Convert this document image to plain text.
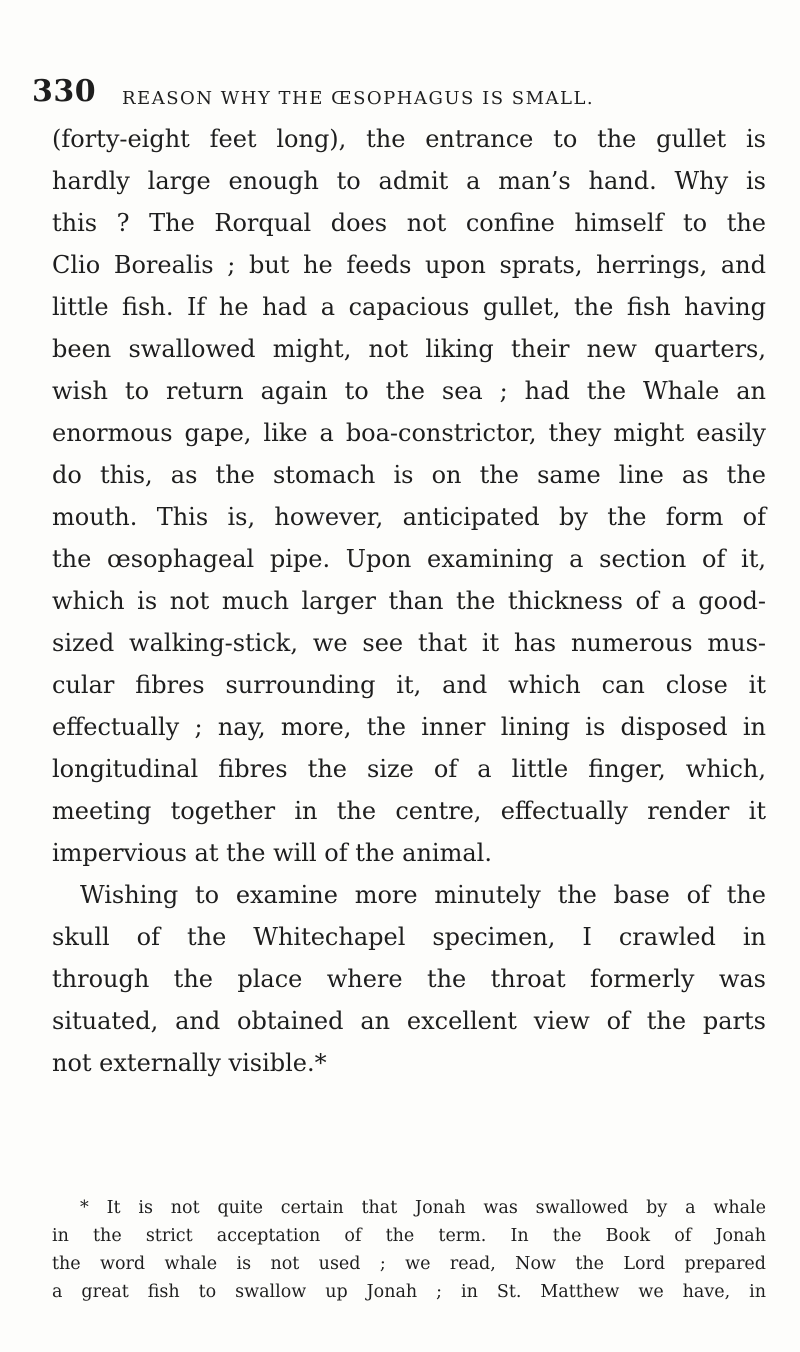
330 REASON WHY THE ŒSOPHAGUS IS SMALL.
(forty-eight feet long), the entrance to the gullet is
hardly large enough to admit a man’s hand. Why is
this ? The Rorqual does not confine himself to the
Clio Borealis ; but he feeds upon sprats, herrings, and
little fish. If he had a capacious gullet, the fish having
been swallowed might, not liking their new quarters,
wish to return again to the sea ; had the Whale an
enormous gape, like a boa-constrictor, they might easily
do this, as the stomach is on the same line as the
mouth. This is, however, anticipated by the form of
the œsophageal pipe. Upon examining a section of it,
which is not much larger than the thickness of a good-
sized walking-stick, we see that it has numerous mus-
cular fibres surrounding it, and which can close it
effectually ; nay, more, the inner lining is disposed in
longitudinal fibres the size of a little finger, which,
meeting together in the centre, effectually render it
impervious at the will of the animal.
Wishing to examine more minutely the base of the
skull of the Whitechapel specimen, I crawled in
through the place where the throat formerly was
situated, and obtained an excellent view of the parts
not externally visible.*
* It is not quite certain that Jonah was swallowed by a whale
in the strict acceptation of the term. In the Book of Jonah
the word whale is not used ; we read, Now the Lord prepared
a great fish to swallow up Jonah ; in St. Matthew we have, in
